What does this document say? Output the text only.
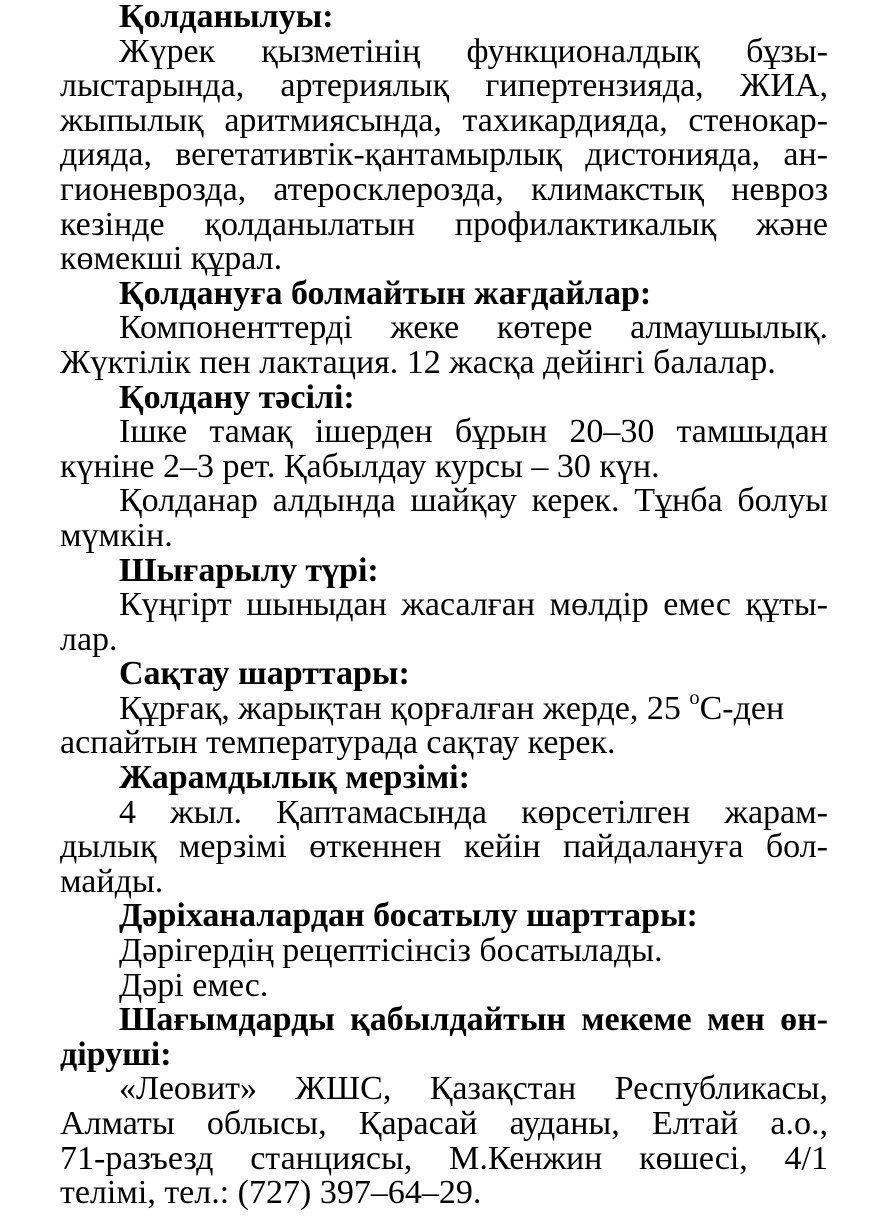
Қолданылуы:
Жүрек қызметінің функционалдық бұзы-
лыстарында, артериялық гипертензияда, ЖИА,
жыпылық аритмиясында, тахикардияда, стенокар-
дияда, вегетативтік-қантамырлық дистонияда, ан-
гионеврозда, атеросклерозда, климакстық невроз
кезінде қолданылатын профилактикалық және
көмекші құрал.
Қолдануға болмайтын жағдайлар:
Компоненттерді жеке көтере алмаушылық.
Жүктілік пен лактация. 12 жасқа дейінгі балалар.
Қолдану тәсілі:
Ішке тамақ ішерден бұрын 20–30 тамшыдан
күніне 2–3 рет. Қабылдау курсы – 30 күн.
Қолданар алдында шайқау керек. Тұнба болуы
мүмкін.
Шығарылу түрі:
Күңгірт шыныдан жасалған мөлдір емес құты-
лар.
Сақтау шарттары:
Құрғақ, жарықтан қорғалған жерде, 25 $^о$С-ден
аспайтын температурада сақтау керек.
Жарамдылық мерзімі:
4 жыл. Қаптамасында көрсетілген жарам-
дылық мерзімі өткеннен кейін пайдалануға бол-
майды.
Дәріханалардан босатылу шарттары:
Дәрігердің рецептісінсіз босатылады.
Дәрі емес.
Шағымдарды қабылдайтын мекеме мен өн-
діруші:
«Леовит» ЖШС, Қазақстан Республикасы,
Алматы облысы, Қарасай ауданы, Елтай а.о.,
71-разъезд станциясы, М.Кенжин көшесі, 4/1
телімі, тел.: (727) 397–64–29.
